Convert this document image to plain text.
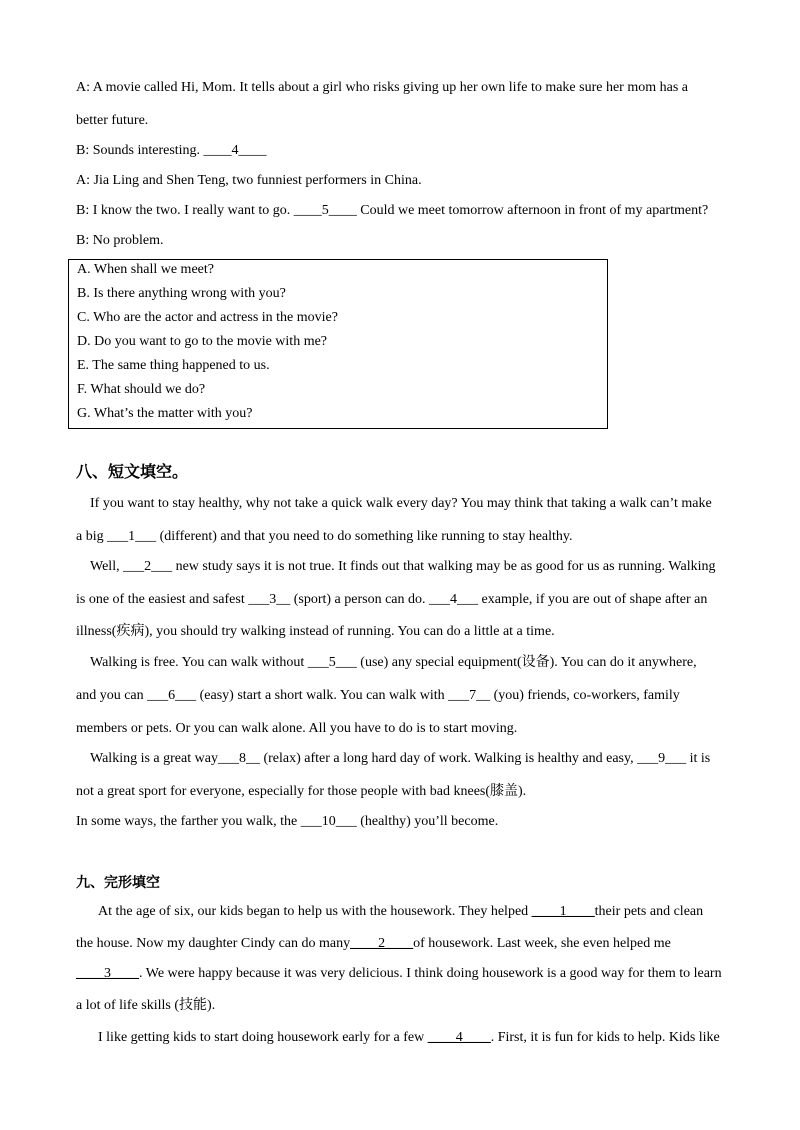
A: A movie called Hi, Mom. It tells about a girl who risks giving up her own life to make sure her mom has a
better future.
B: Sounds interesting. ____4____
A: Jia Ling and Shen Teng, two funniest performers in China.
B: I know the two. I really want to go. ____5____ Could we meet tomorrow afternoon in front of my apartment?
B: No problem.
A. When shall we meet?
B. Is there anything wrong with you?
C. Who are the actor and actress in the movie?
D. Do you want to go to the movie with me?
E. The same thing happened to us.
F. What should we do?
G. What’s the matter with you?
八、短文填空。
If you want to stay healthy, why not take a quick walk every day? You may think that taking a walk can’t make
a big ___1___ (different) and that you need to do something like running to stay healthy.
Well, ___2___ new study says it is not true. It finds out that walking may be as good for us as running. Walking
is one of the easiest and safest ___3__ (sport) a person can do. ___4___ example, if you are out of shape after an
illness(疾病), you should try walking instead of running. You can do a little at a time.
Walking is free. You can walk without ___5___ (use) any special equipment(设备). You can do it anywhere,
and you can ___6___ (easy) start a short walk. You can walk with ___7__ (you) friends, co-workers, family
members or pets. Or you can walk alone. All you have to do is to start moving.
Walking is a great way___8__ (relax) after a long hard day of work. Walking is healthy and easy, ___9___ it is
not a great sport for everyone, especially for those people with bad knees(膝盖).
In some ways, the farther you walk, the ___10___ (healthy) you’ll become.
九、完形填空
At the age of six, our kids began to help us with the housework. They helped ____1____their pets and clean
the house. Now my daughter Cindy can do many____2____of housework. Last week, she even helped me
____3____. We were happy because it was very delicious. I think doing housework is a good way for them to learn
a lot of life skills (技能).
I like getting kids to start doing housework early for a few ____4____. First, it is fun for kids to help. Kids like
